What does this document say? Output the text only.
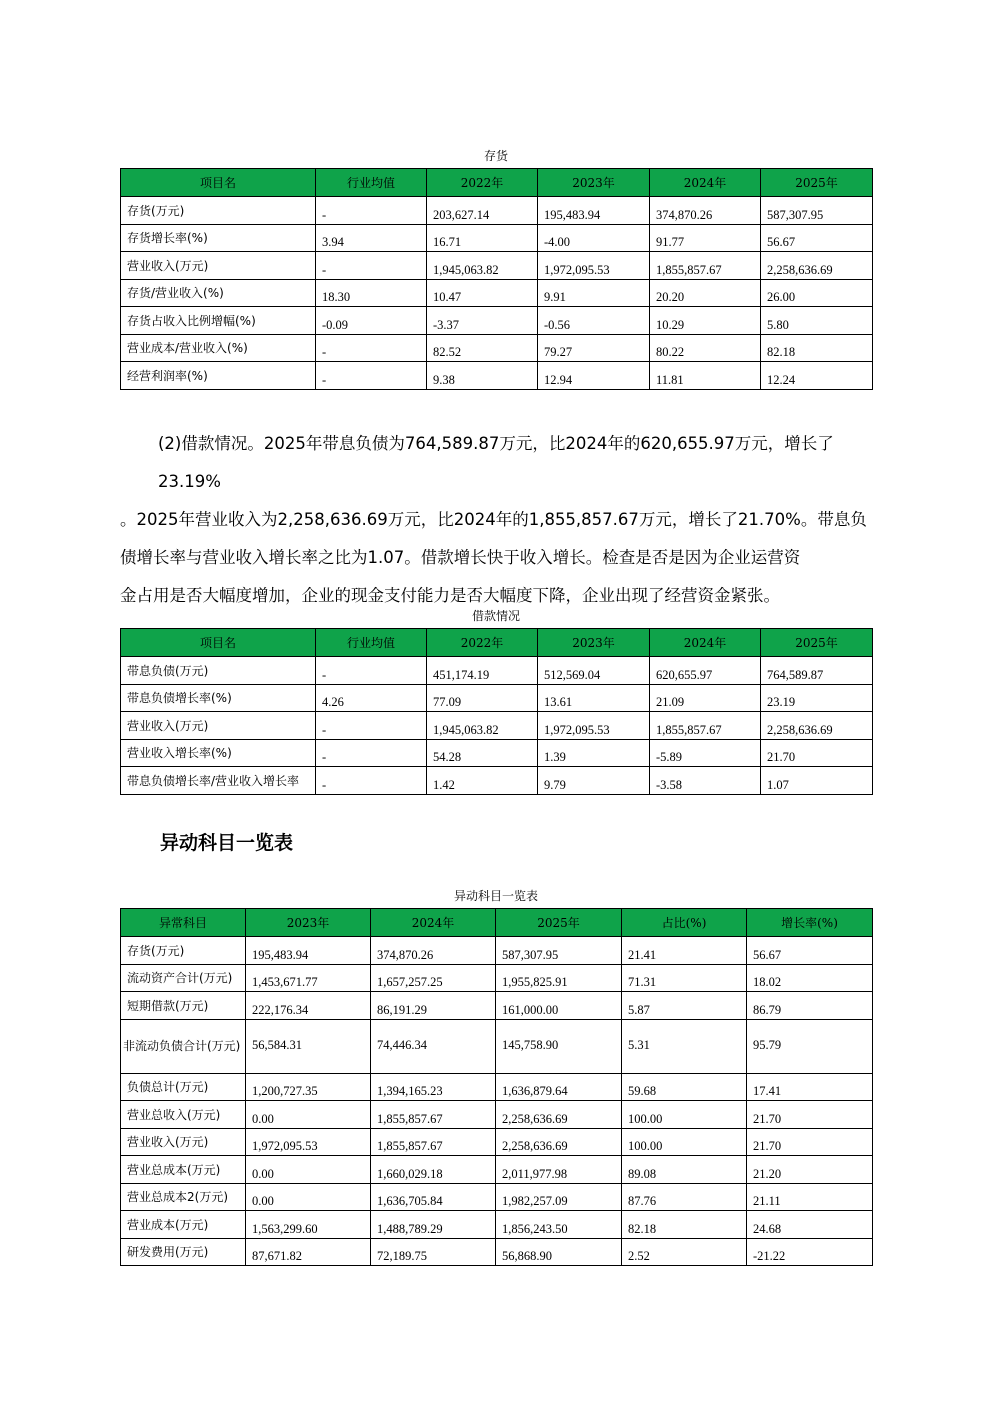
存货
项目名	行业均值	2022年	2023年	2024年	2025年
存货(万元)	-	203,627.14	195,483.94	374,870.26	587,307.95
存货增长率(%)	3.94	16.71	-4.00	91.77	56.67
营业收入(万元)	-	1,945,063.82	1,972,095.53	1,855,857.67	2,258,636.69
存货/营业收入(%)	18.30	10.47	9.91	20.20	26.00
存货占收入比例增幅(%)	-0.09	-3.37	-0.56	10.29	5.80
营业成本/营业收入(%)	-	82.52	79.27	80.22	82.18
经营利润率(%)	-	9.38	12.94	11.81	12.24
(2)借款情况。2025年带息负债为764,589.87万元，比2024年的620,655.97万元，增长了23.19%
。2025年营业收入为2,258,636.69万元，比2024年的1,855,857.67万元，增长了21.70%。带息负
债增长率与营业收入增长率之比为1.07。借款增长快于收入增长。检查是否是因为企业运营资
金占用是否大幅度增加，企业的现金支付能力是否大幅度下降，企业出现了经营资金紧张。
借款情况
项目名	行业均值	2022年	2023年	2024年	2025年
带息负债(万元)	-	451,174.19	512,569.04	620,655.97	764,589.87
带息负债增长率(%)	4.26	77.09	13.61	21.09	23.19
营业收入(万元)	-	1,945,063.82	1,972,095.53	1,855,857.67	2,258,636.69
营业收入增长率(%)	-	54.28	1.39	-5.89	21.70
带息负债增长率/营业收入增长率	-	1.42	9.79	-3.58	1.07
异动科目一览表
异动科目一览表
异常科目	2023年	2024年	2025年	占比(%)	增长率(%)
存货(万元)	195,483.94	374,870.26	587,307.95	21.41	56.67
流动资产合计(万元)	1,453,671.77	1,657,257.25	1,955,825.91	71.31	18.02
短期借款(万元)	222,176.34	86,191.29	161,000.00	5.87	86.79
非流动负债合计(万元)	56,584.31	74,446.34	145,758.90	5.31	95.79
负债总计(万元)	1,200,727.35	1,394,165.23	1,636,879.64	59.68	17.41
营业总收入(万元)	0.00	1,855,857.67	2,258,636.69	100.00	21.70
营业收入(万元)	1,972,095.53	1,855,857.67	2,258,636.69	100.00	21.70
营业总成本(万元)	0.00	1,660,029.18	2,011,977.98	89.08	21.20
营业总成本2(万元)	0.00	1,636,705.84	1,982,257.09	87.76	21.11
营业成本(万元)	1,563,299.60	1,488,789.29	1,856,243.50	82.18	24.68
研发费用(万元)	87,671.82	72,189.75	56,868.90	2.52	-21.22
